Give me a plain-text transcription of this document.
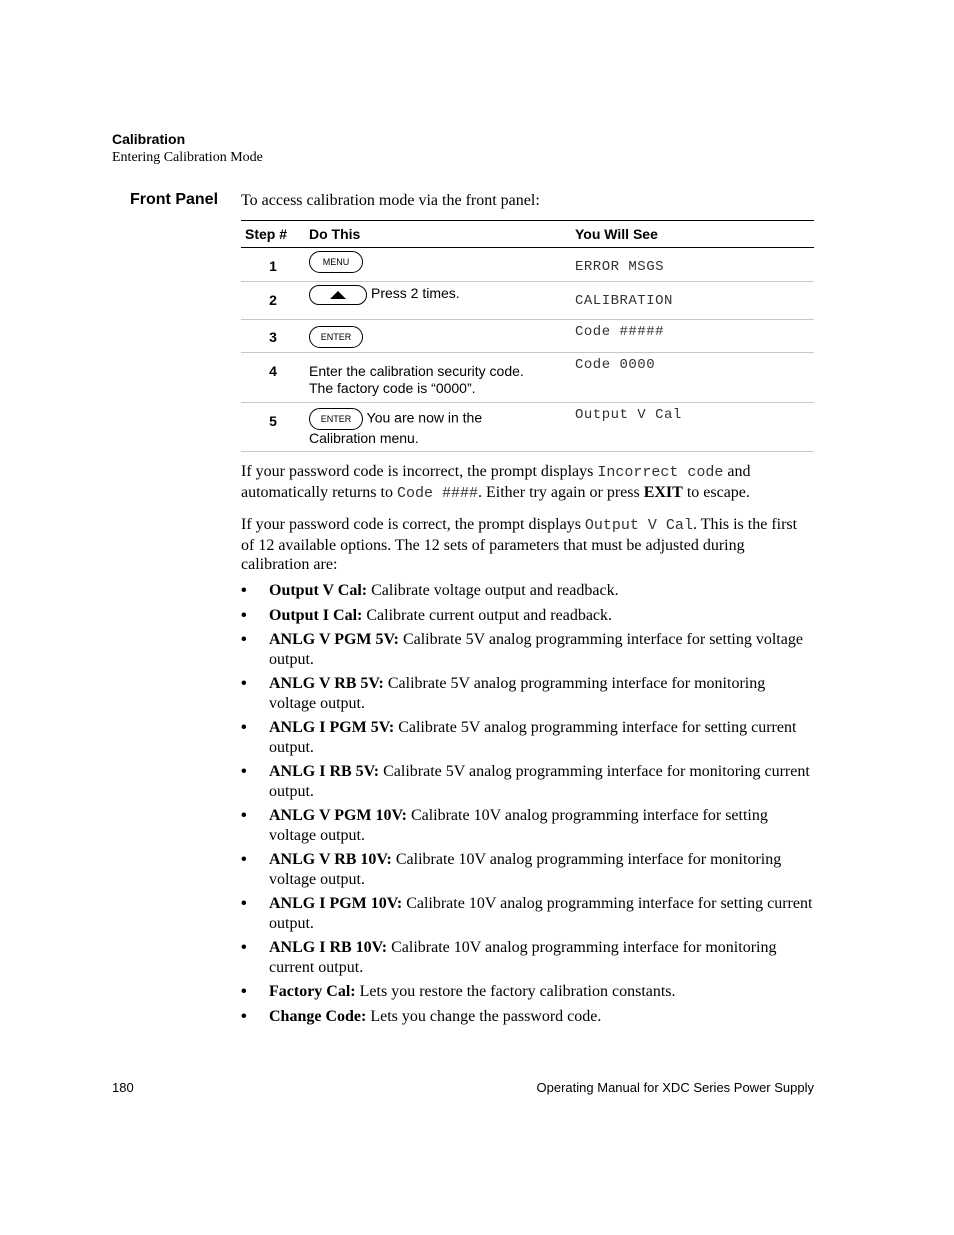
Calibration
Entering Calibration Mode
Front Panel To access calibration mode via the front panel:
Step #	Do This	You Will See
1	MENU	ERROR MSGS
2	Press 2 times.	CALIBRATION
3	ENTER	Code #####
4	Enter the calibration security code.
The factory code is “0000”.	Code 0000
5	ENTER You are now in the
Calibration menu.	Output V Cal
If your password code is incorrect, the prompt displays Incorrect code and automatically returns to Code ####. Either try again or press EXIT to escape.
If your password code is correct, the prompt displays Output V Cal. This is the first of 12 available options. The 12 sets of parameters that must be adjusted during calibration are:
• Output V Cal: Calibrate voltage output and readback.
• Output I Cal: Calibrate current output and readback.
• ANLG V PGM 5V: Calibrate 5V analog programming interface for setting voltage output.
• ANLG V RB 5V: Calibrate 5V analog programming interface for monitoring voltage output.
• ANLG I PGM 5V: Calibrate 5V analog programming interface for setting current output.
• ANLG I RB 5V: Calibrate 5V analog programming interface for monitoring current output.
• ANLG V PGM 10V: Calibrate 10V analog programming interface for setting voltage output.
• ANLG V RB 10V: Calibrate 10V analog programming interface for monitoring voltage output.
• ANLG I PGM 10V: Calibrate 10V analog programming interface for setting current output.
• ANLG I RB 10V: Calibrate 10V analog programming interface for monitoring current output.
• Factory Cal: Lets you restore the factory calibration constants.
• Change Code: Lets you change the password code.
180	Operating Manual for XDC Series Power Supply
